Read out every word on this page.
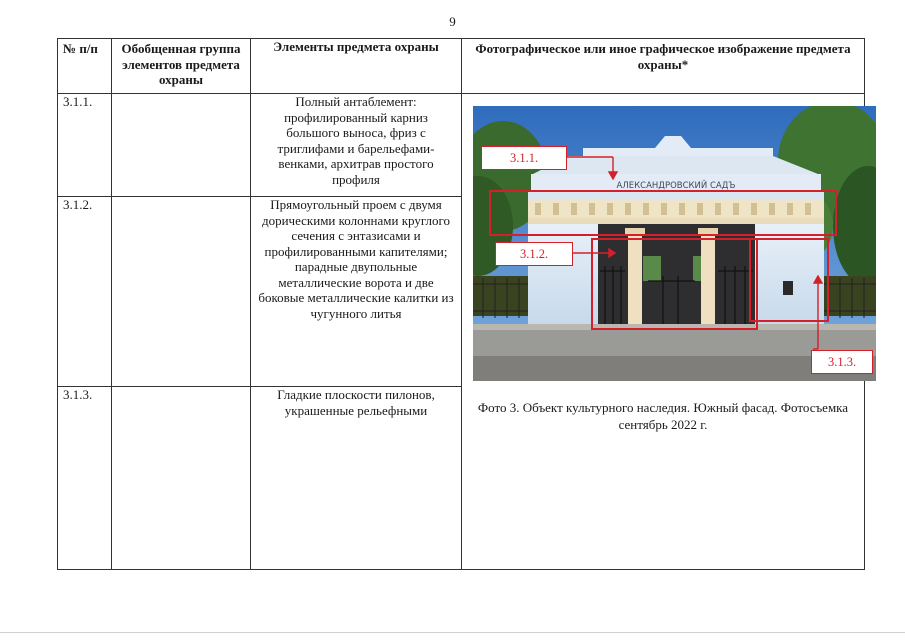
9
№ п/п	Обобщенная группа элементов предмета охраны	Элементы предмета охраны	Фотографическое или иное графическое изображение предмета охраны*
3.1.1.		Полный антаблемент: профилированный карниз большого выноса, фриз с триглифами и барельефами-венками, архитрав простого профиля	АЛЕКСАНДРОВСКИЙ САДЪ
3.1.1.
3.1.2.
3.1.3.
Фото 3. Объект культурного наследия. Южный фасад. Фотосъемка сентябрь 2022 г.

3.1.2.		Прямоугольный проем с двумя дорическими колоннами круглого сечения с энтазисами и профилированными капителями; парадные двупольные металлические ворота и две боковые металлические калитки из чугунного литья	
3.1.3.		Гладкие плоскости пилонов, украшенные рельефными	
